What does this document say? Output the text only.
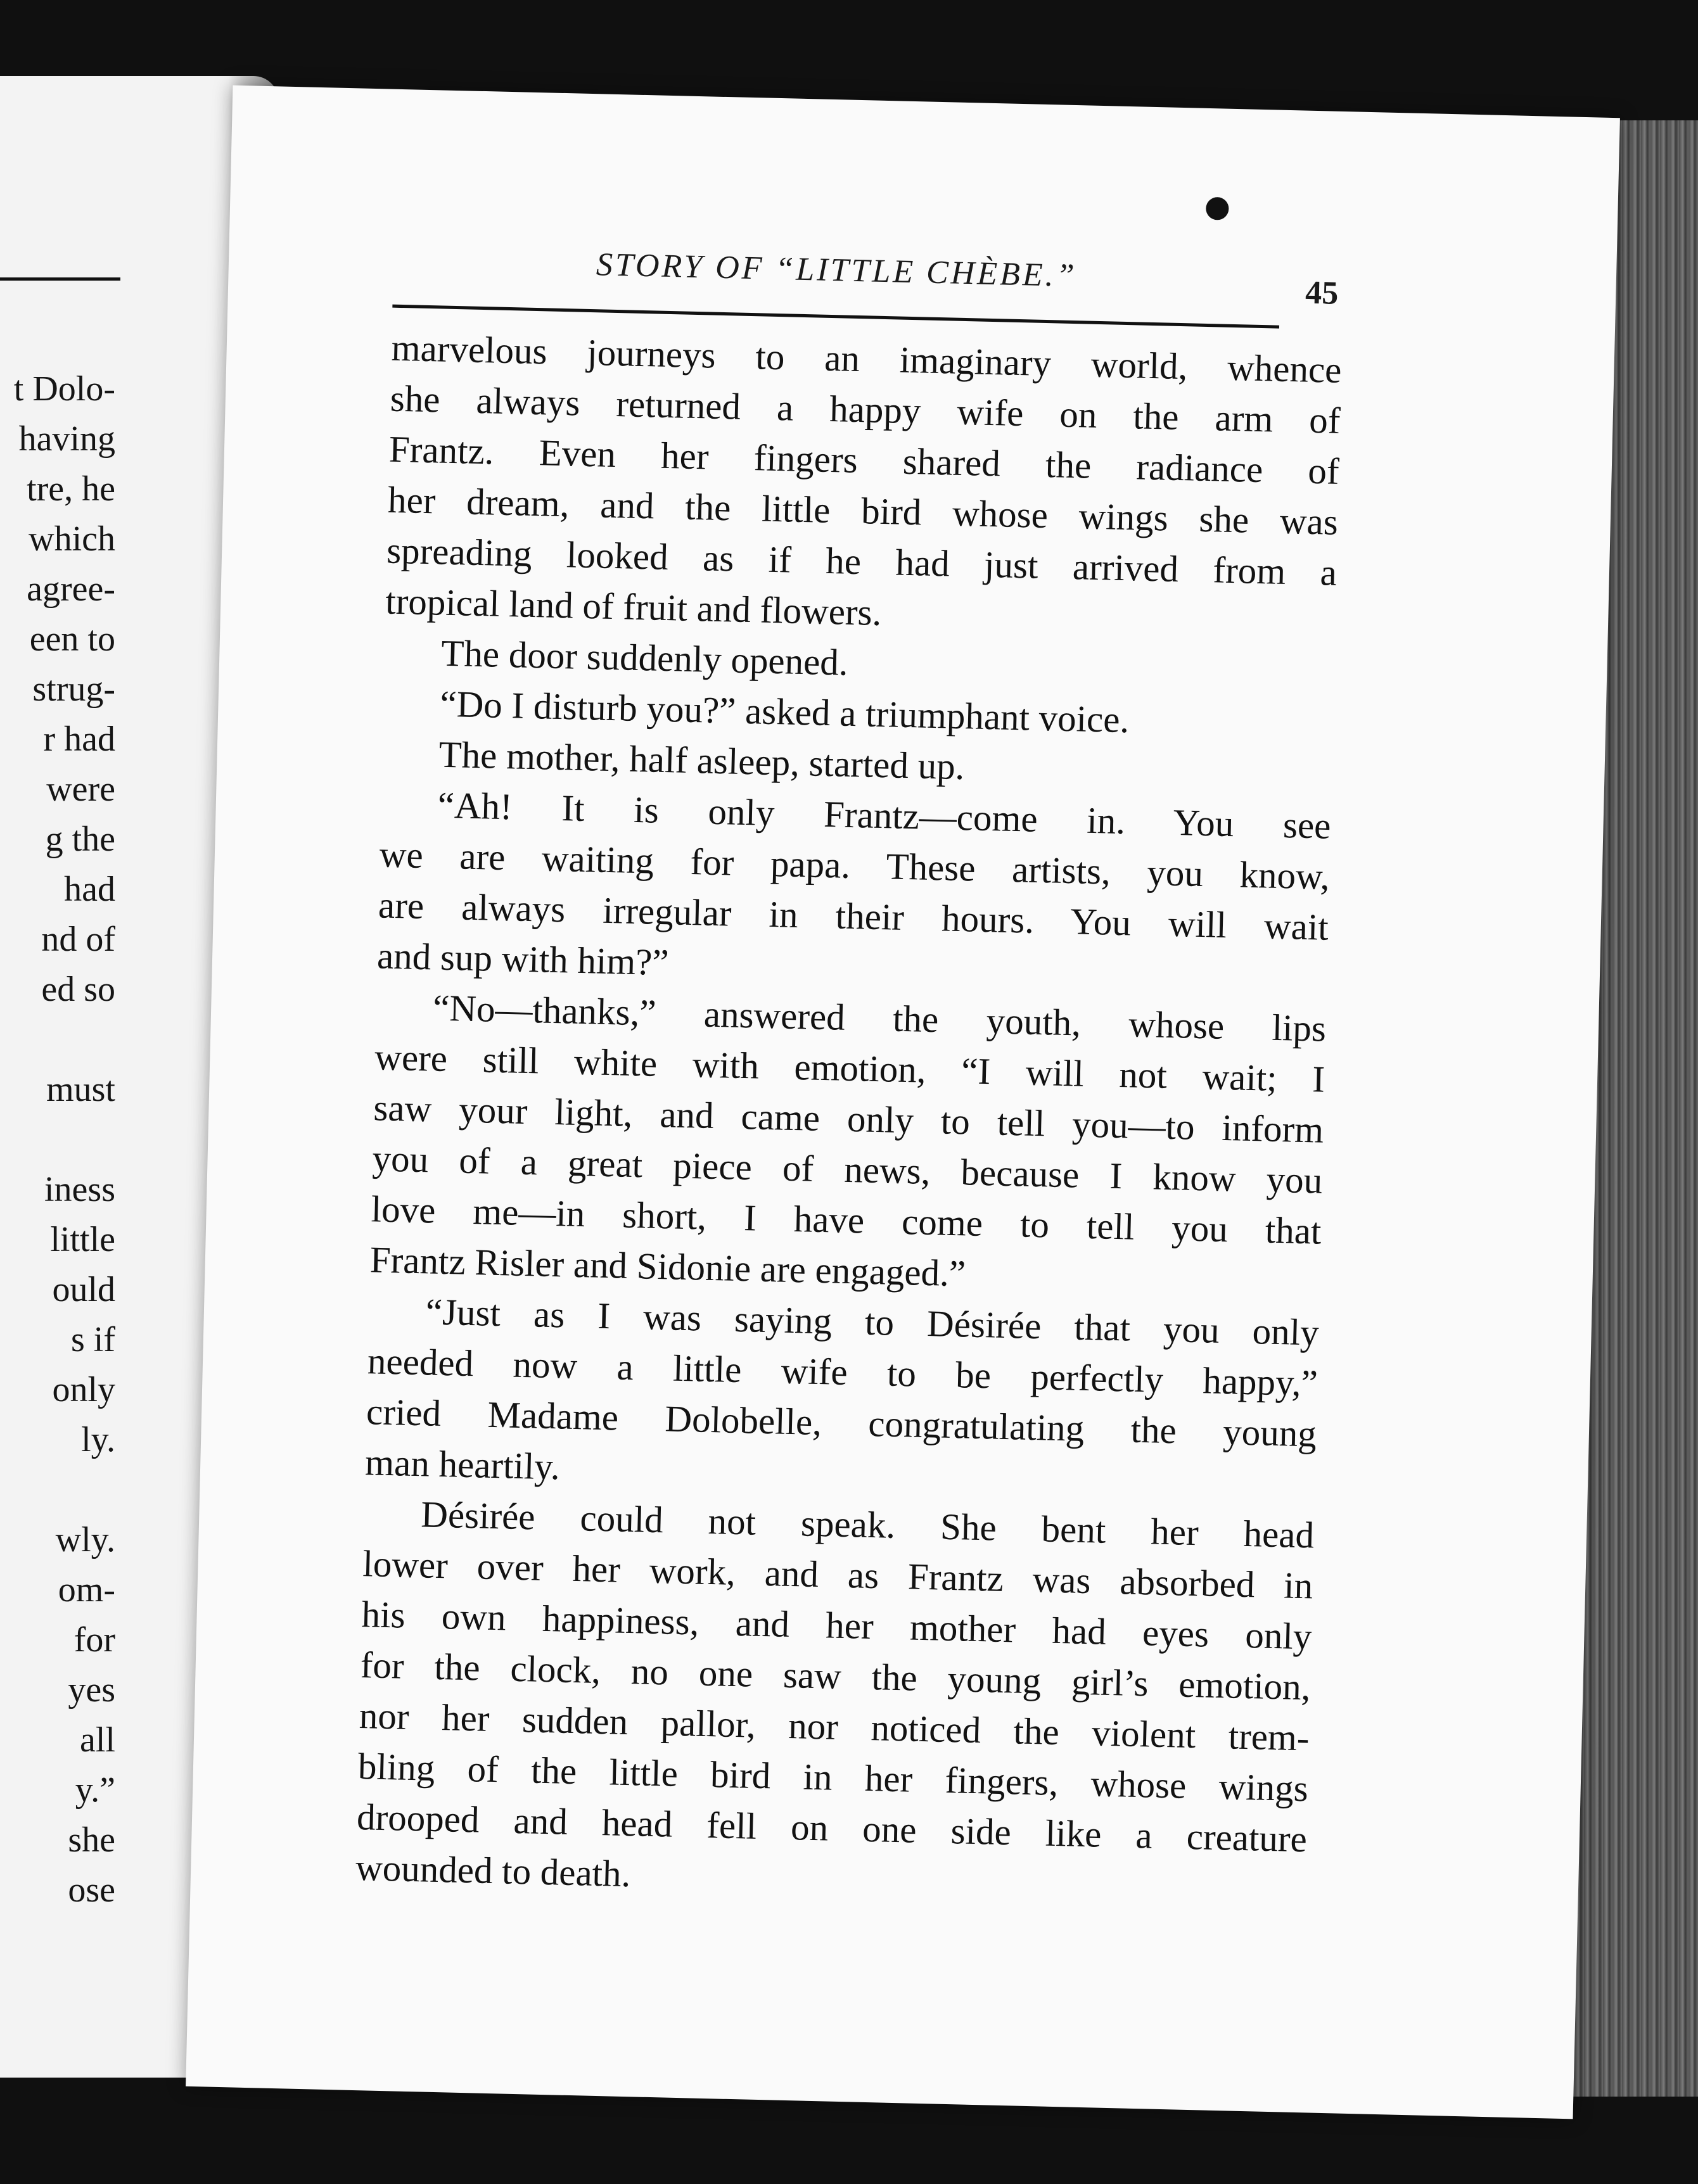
t Dolo-
having
tre, he
which
agree-
een to
strug-
r had
were
g the
had
nd of
ed so
must
iness
little
ould
s if
only
ly.
wly.
om-
for
yes
all
y.”
she
ose
STORY OF “LITTLE CHÈBE.”	45
marvelous journeys to an imaginary world, whence
she always returned a happy wife on the arm of
Frantz. Even her fingers shared the radiance of
her dream, and the little bird whose wings she was
spreading looked as if he had just arrived from a
tropical land of fruit and flowers.
The door suddenly opened.
“Do I disturb you?” asked a triumphant voice.
The mother, half asleep, started up.
“Ah! It is only Frantz—come in. You see
we are waiting for papa. These artists, you know,
are always irregular in their hours. You will wait
and sup with him?”
“No—thanks,” answered the youth, whose lips
were still white with emotion, “I will not wait; I
saw your light, and came only to tell you—to inform
you of a great piece of news, because I know you
love me—in short, I have come to tell you that
Frantz Risler and Sidonie are engaged.”
“Just as I was saying to Désirée that you only
needed now a little wife to be perfectly happy,”
cried Madame Dolobelle, congratulating the young
man heartily.
Désirée could not speak. She bent her head
lower over her work, and as Frantz was absorbed in
his own happiness, and her mother had eyes only
for the clock, no one saw the young girl’s emotion,
nor her sudden pallor, nor noticed the violent trem-
bling of the little bird in her fingers, whose wings
drooped and head fell on one side like a creature
wounded to death.
